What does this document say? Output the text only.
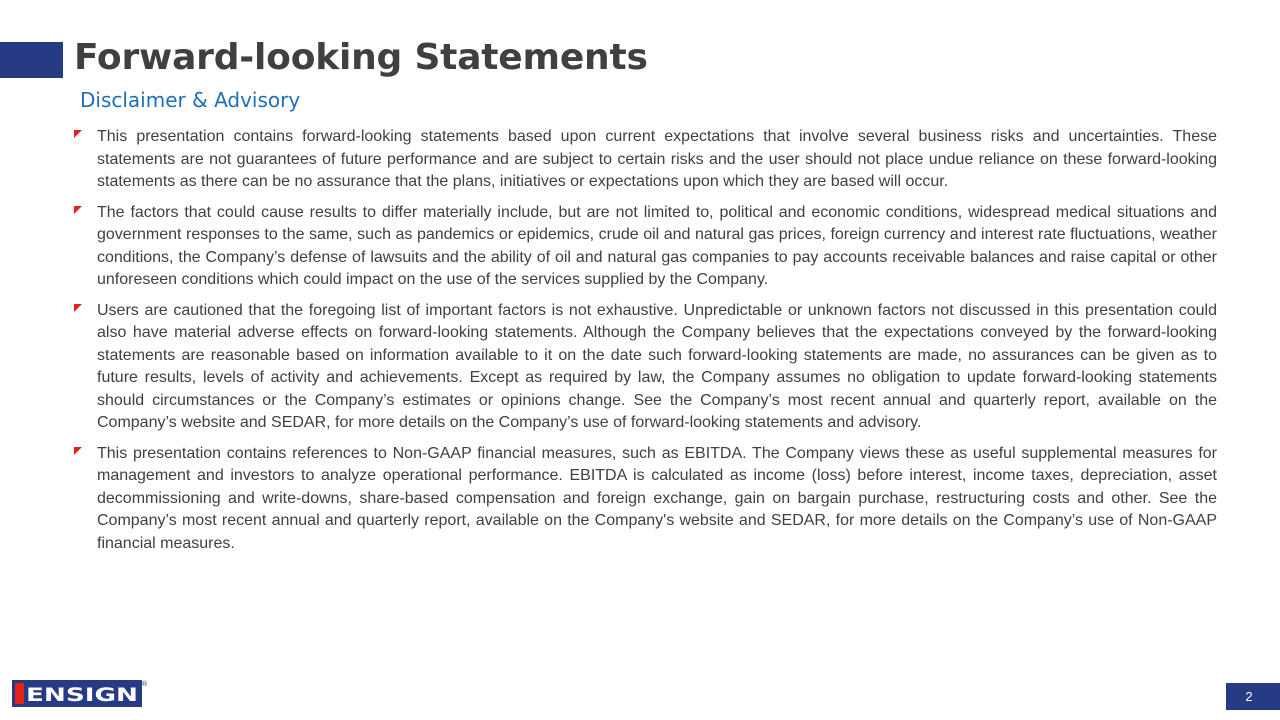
Forward-looking Statements
Disclaimer & Advisory
This presentation contains forward-looking statements based upon current expectations that involve several business risks and uncertainties. These statements are not guarantees of future performance and are subject to certain risks and the user should not place undue reliance on these forward-looking statements as there can be no assurance that the plans, initiatives or expectations upon which they are based will occur.
The factors that could cause results to differ materially include, but are not limited to, political and economic conditions, widespread medical situations and government responses to the same, such as pandemics or epidemics, crude oil and natural gas prices, foreign currency and interest rate fluctuations, weather conditions, the Company’s defense of lawsuits and the ability of oil and natural gas companies to pay accounts receivable balances and raise capital or other unforeseen conditions which could impact on the use of the services supplied by the Company.
Users are cautioned that the foregoing list of important factors is not exhaustive. Unpredictable or unknown factors not discussed in this presentation could also have material adverse effects on forward-looking statements. Although the Company believes that the expectations conveyed by the forward-looking statements are reasonable based on information available to it on the date such forward-looking statements are made, no assurances can be given as to future results, levels of activity and achievements. Except as required by law, the Company assumes no obligation to update forward-looking statements should circumstances or the Company’s estimates or opinions change. See the Company’s most recent annual and quarterly report, available on the Company’s website and SEDAR, for more details on the Company’s use of forward-looking statements and advisory.
This presentation contains references to Non-GAAP financial measures, such as EBITDA. The Company views these as useful supplemental measures for management and investors to analyze operational performance. EBITDA is calculated as income (loss) before interest, income taxes, depreciation, asset decommissioning and write-downs, share-based compensation and foreign exchange, gain on bargain purchase, restructuring costs and other. See the Company’s most recent annual and quarterly report, available on the Company's website and SEDAR, for more details on the Company’s use of Non-GAAP financial measures.
ENSIGN ®
2
